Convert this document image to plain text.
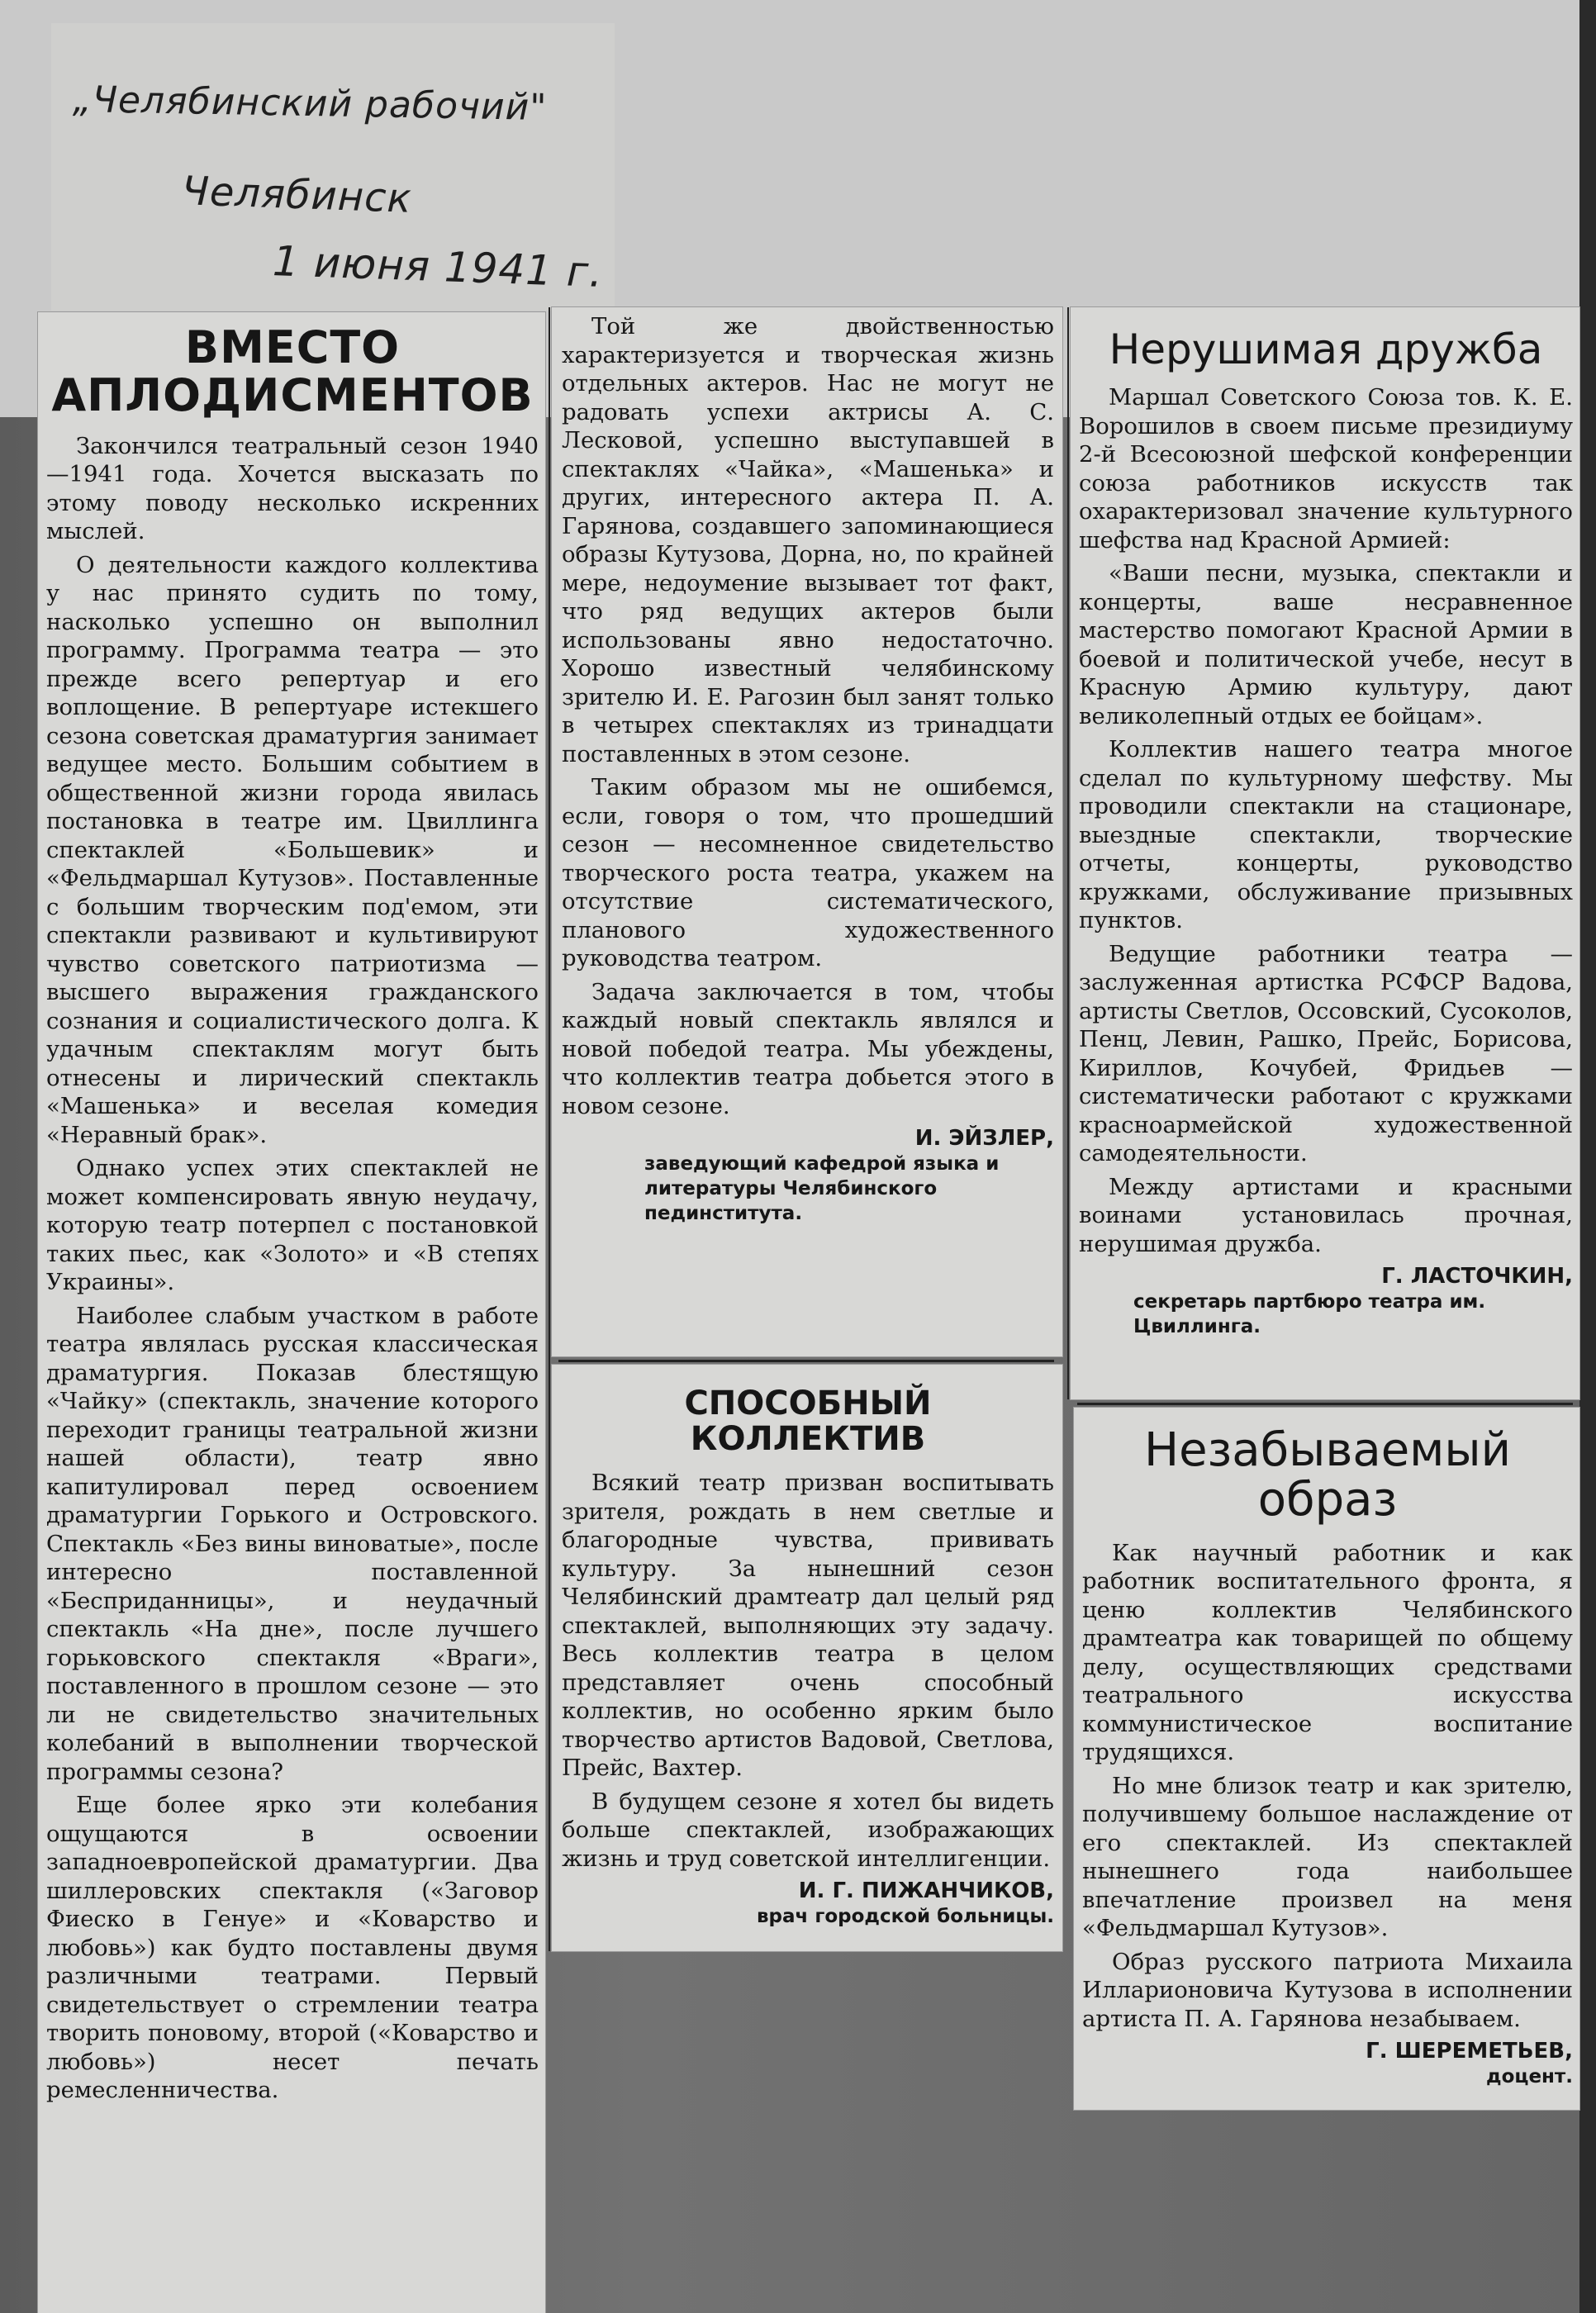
„Челябинский рабочий"
Челябинск
1 июня 1941 г.
ВМЕСТО
АПЛОДИСМЕНТОВ

Закончился театральный сезон 1940—1941 года. Хочется высказать по этому поводу несколько искренних мыслей.

О деятельности каждого коллектива у нас принято судить по тому, насколько успешно он выполнил программу. Программа театра — это прежде всего репертуар и его воплощение. В репертуаре истекшего сезона советская драматургия занимает ведущее место. Большим событием в общественной жизни города явилась постановка в театре им. Цвиллинга спектаклей «Большевик» и «Фельдмаршал Кутузов». Поставленные с большим творческим под'емом, эти спектакли развивают и культивируют чувство советского патриотизма — высшего выражения гражданского сознания и социалистического долга. К удачным спектаклям могут быть отнесены и лирический спектакль «Машенька» и веселая комедия «Неравный брак».

Однако успех этих спектаклей не может компенсировать явную неудачу, которую театр потерпел с постановкой таких пьес, как «Золото» и «В степях Украины».

Наиболее слабым участком в работе театра являлась русская классическая драматургия. Показав блестящую «Чайку» (спектакль, значение которого переходит границы театральной жизни нашей области), театр явно капитулировал перед освоением драматургии Горького и Островского. Спектакль «Без вины виноватые», после интересно поставленной «Бесприданницы», и неудачный спектакль «На дне», после лучшего горьковского спектакля «Враги», поставленного в прошлом сезоне — это ли не свидетельство значительных колебаний в выполнении творческой программы сезона?

Еще более ярко эти колебания ощущаются в освоении западноевропейской драматургии. Два шиллеровских спектакля («Заговор Фиеско в Генуе» и «Коварство и любовь») как будто поставлены двумя различными театрами. Первый свидетельствует о стремлении театра творить поновому, второй («Коварство и любовь») несет печать ремесленничества.

Той же двойственностью характеризуется и творческая жизнь отдельных актеров. Нас не могут не радовать успехи актрисы А. С. Лесковой, успешно выступавшей в спектаклях «Чайка», «Машенька» и других, интересного актера П. А. Гарянова, создавшего запоминающиеся образы Кутузова, Дорна, но, по крайней мере, недоумение вызывает тот факт, что ряд ведущих актеров были использованы явно недостаточно. Хорошо известный челябинскому зрителю И. Е. Рагозин был занят только в четырех спектаклях из тринадцати поставленных в этом сезоне.

Таким образом мы не ошибемся, если, говоря о том, что прошедший сезон — несомненное свидетельство творческого роста театра, укажем на отсутствие систематического, планового художественного руководства театром.

Задача заключается в том, чтобы каждый новый спектакль являлся и новой победой театра. Мы убеждены, что коллектив театра добьется этого в новом сезоне.

И. ЭЙЗЛЕР,
заведующий кафедрой языка и литературы Челябинского пединститута.
СПОСОБНЫЙ КОЛЛЕКТИВ

Всякий театр призван воспитывать зрителя, рождать в нем светлые и благородные чувства, прививать культуру. За нынешний сезон Челябинский драмтеатр дал целый ряд спектаклей, выполняющих эту задачу. Весь коллектив театра в целом представляет очень способный коллектив, но особенно ярким было творчество артистов Вадовой, Светлова, Прейс, Вахтер.

В будущем сезоне я хотел бы видеть больше спектаклей, изображающих жизнь и труд советской интеллигенции.

И. Г. ПИЖАНЧИКОВ,
врач городской больницы.
Нерушимая дружба

Маршал Советского Союза тов. К. Е. Ворошилов в своем письме президиуму 2-й Всесоюзной шефской конференции союза работников искусств так охарактеризовал значение культурного шефства над Красной Армией:

«Ваши песни, музыка, спектакли и концерты, ваше несравненное мастерство помогают Красной Армии в боевой и политической учебе, несут в Красную Армию культуру, дают великолепный отдых ее бойцам».

Коллектив нашего театра многое сделал по культурному шефству. Мы проводили спектакли на стационаре, выездные спектакли, творческие отчеты, концерты, руководство кружками, обслуживание призывных пунктов.

Ведущие работники театра — заслуженная артистка РСФСР Вадова, артисты Светлов, Оссовский, Сусоколов, Пенц, Левин, Рашко, Прейс, Борисова, Кириллов, Кочубей, Фридьев — систематически работают с кружками красноармейской художественной самодеятельности.

Между артистами и красными воинами установилась прочная, нерушимая дружба.

Г. ЛАСТОЧКИН,
секретарь партбюро театра им. Цвиллинга.
Незабываемый
образ

Как научный работник и как работник воспитательного фронта, я ценю коллектив Челябинского драмтеатра как товарищей по общему делу, осуществляющих средствами театрального искусства коммунистическое воспитание трудящихся.

Но мне близок театр и как зрителю, получившему большое наслаждение от его спектаклей. Из спектаклей нынешнего года наибольшее впечатление произвел на меня «Фельдмаршал Кутузов».

Образ русского патриота Михаила Илларионовича Кутузова в исполнении артиста П. А. Гарянова незабываем.

Г. ШЕРЕМЕТЬЕВ,
доцент.
